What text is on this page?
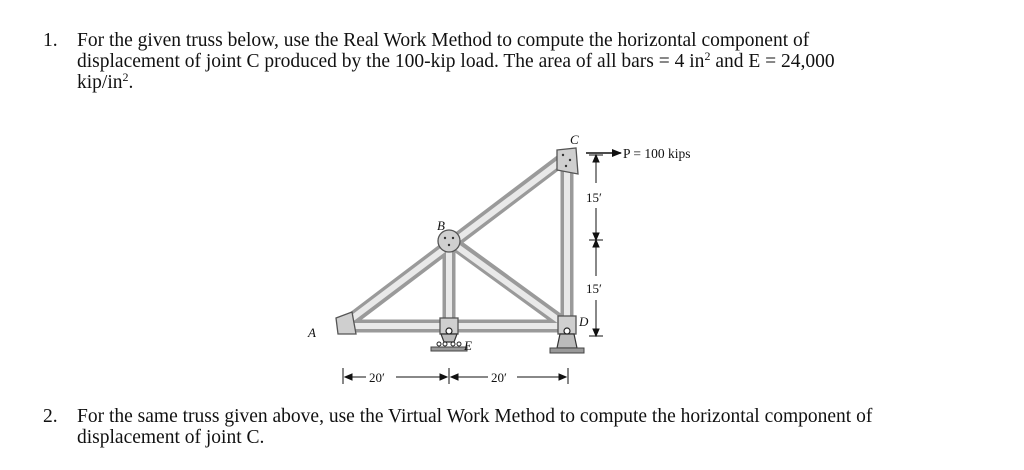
1. For the given truss below, use the Real Work Method to compute the horizontal component of
displacement of joint C produced by the 100-kip load. The area of all bars = 4 $in^2$ and E = 24,000
kip/$in^2$.
A
B
C
D
E
P = 100 kips
15′
15′
20′	20′
2. For the same truss given above, use the Virtual Work Method to compute the horizontal component of
displacement of joint C.
